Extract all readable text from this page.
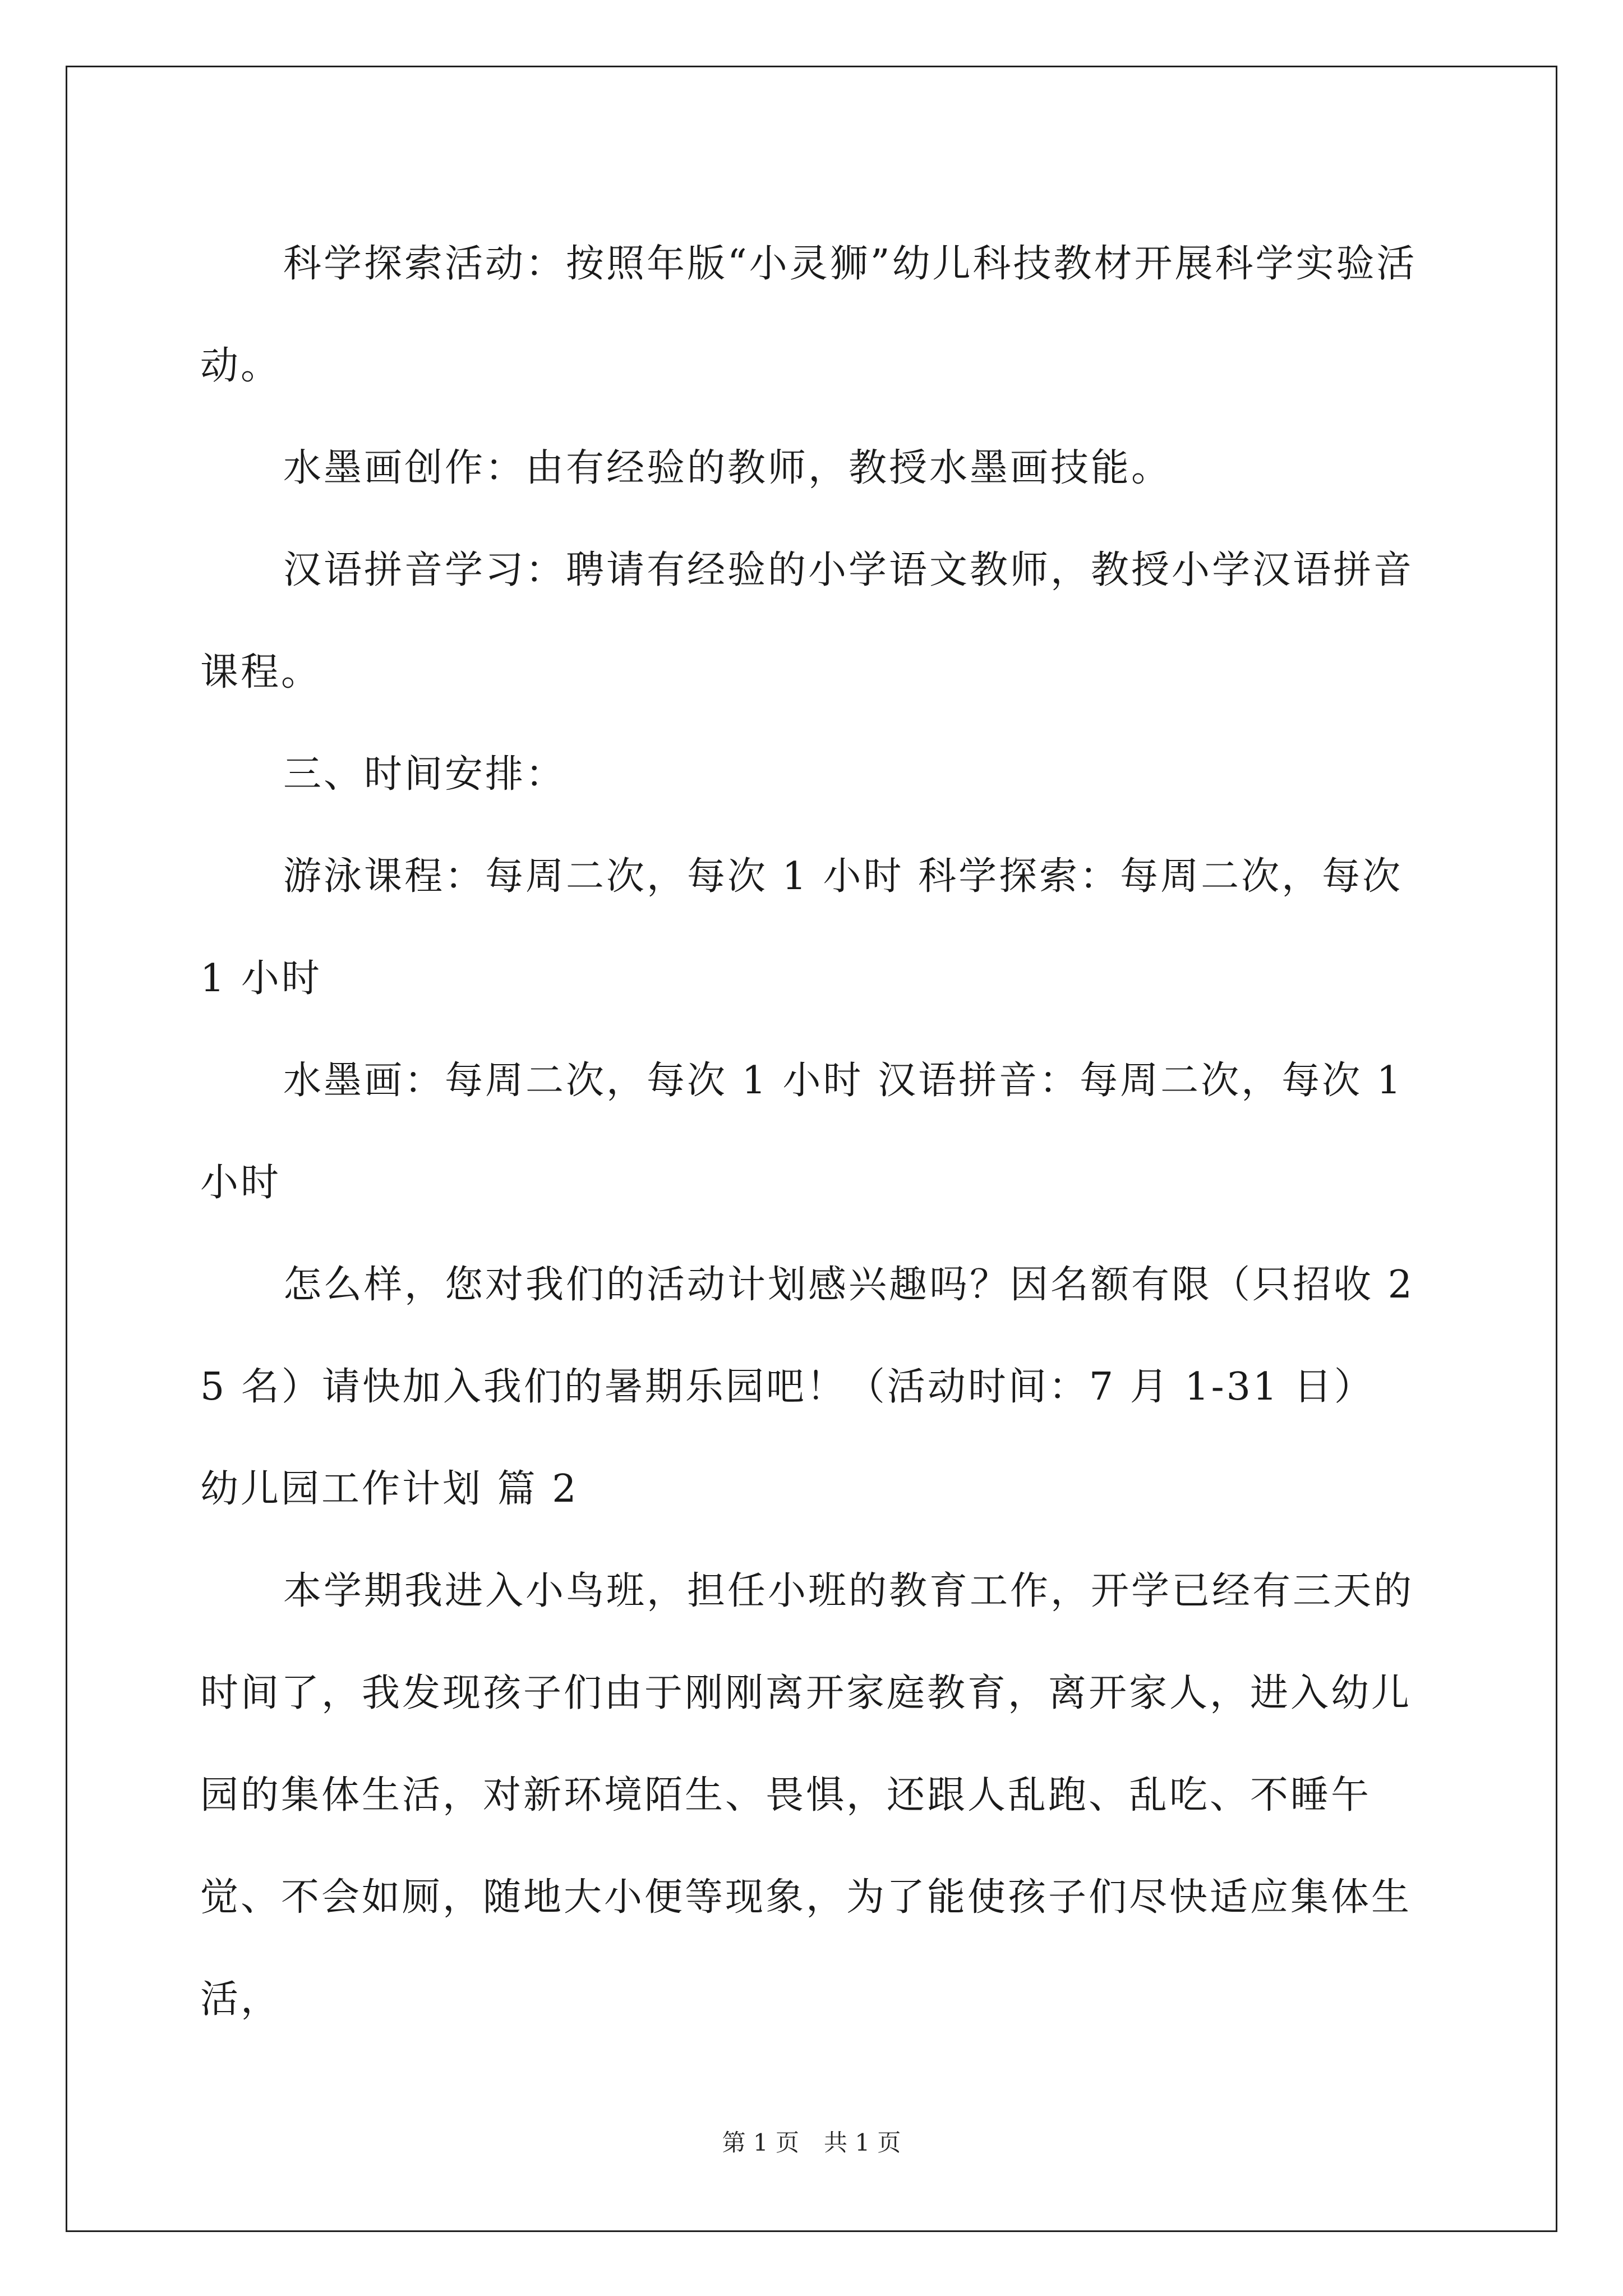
科学探索活动：按照年版“小灵狮”幼儿科技教材开展科学实验活动。

水墨画创作：由有经验的教师，教授水墨画技能。

汉语拼音学习：聘请有经验的小学语文教师，教授小学汉语拼音课程。

三、时间安排：

游泳课程：每周二次，每次 1 小时 科学探索：每周二次，每次 1 小时

水墨画：每周二次，每次 1 小时 汉语拼音：每周二次，每次 1 小时

怎么样，您对我们的活动计划感兴趣吗？因名额有限（只招收 25 名）请快加入我们的暑期乐园吧！（活动时间：7 月 1-31 日）

幼儿园工作计划 篇 2

本学期我进入小鸟班，担任小班的教育工作，开学已经有三天的时间了，我发现孩子们由于刚刚离开家庭教育，离开家人，进入幼儿园的集体生活，对新环境陌生、畏惧，还跟人乱跑、乱吃、不睡午觉、不会如厕，随地大小便等现象，为了能使孩子们尽快适应集体生活，

第 1 页 共 1 页
